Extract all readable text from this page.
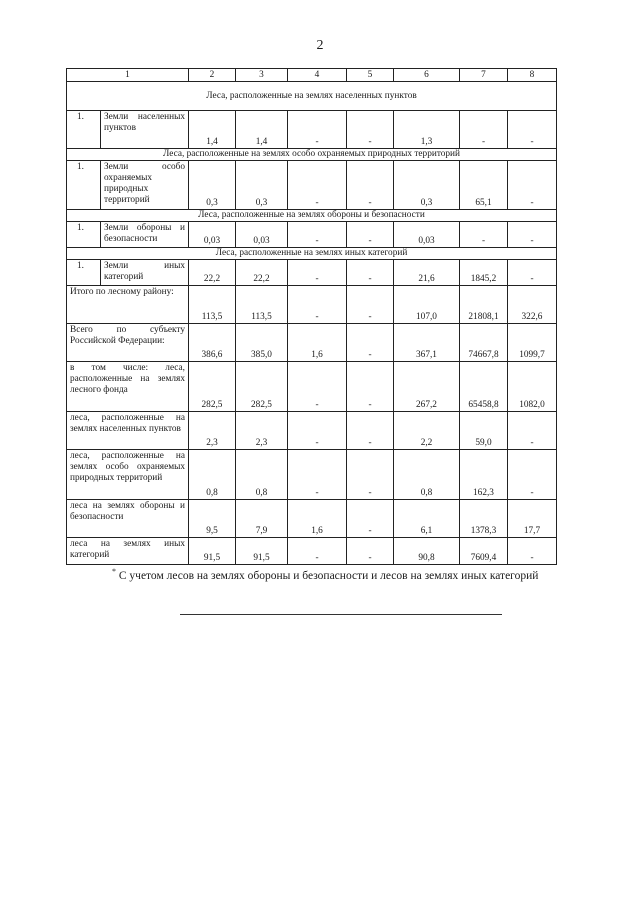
2
1		2	3	4	5	6	7	8
Леса, расположенные на землях населенных пунктов								
1.	Земли населенных пунктов	1,4	1,4	-	-	1,3	-	-
Леса, расположенные на землях особо охраняемых природных территорий								
1.	Земли особо охраняемых природных территорий	0,3	0,3	-	-	0,3	65,1	-
Леса, расположенные на землях обороны и безопасности								
1.	Земли обороны и безопасности	0,03	0,03	-	-	0,03	-	-
Леса, расположенные на землях иных категорий								
1.	Земли иных категорий	22,2	22,2	-	-	21,6	1845,2	-
Итого по лесному району:		113,5	113,5	-	-	107,0	21808,1	322,6
Всего по субъекту Российской Федерации:		386,6	385,0	1,6	-	367,1	74667,8	1099,7
в том числе: леса, расположенные на землях лесного фонда		282,5	282,5	-	-	267,2	65458,8	1082,0
леса, расположенные на землях населенных пунктов		2,3	2,3	-	-	2,2	59,0	-
леса, расположенные на землях особо охраняемых природных территорий		0,8	0,8	-	-	0,8	162,3	-
леса на землях обороны и безопасности		9,5	7,9	1,6	-	6,1	1378,3	17,7
леса на землях иных категорий		91,5	91,5	-	-	90,8	7609,4	-
* С учетом лесов на землях обороны и безопасности и лесов на землях иных категорий
